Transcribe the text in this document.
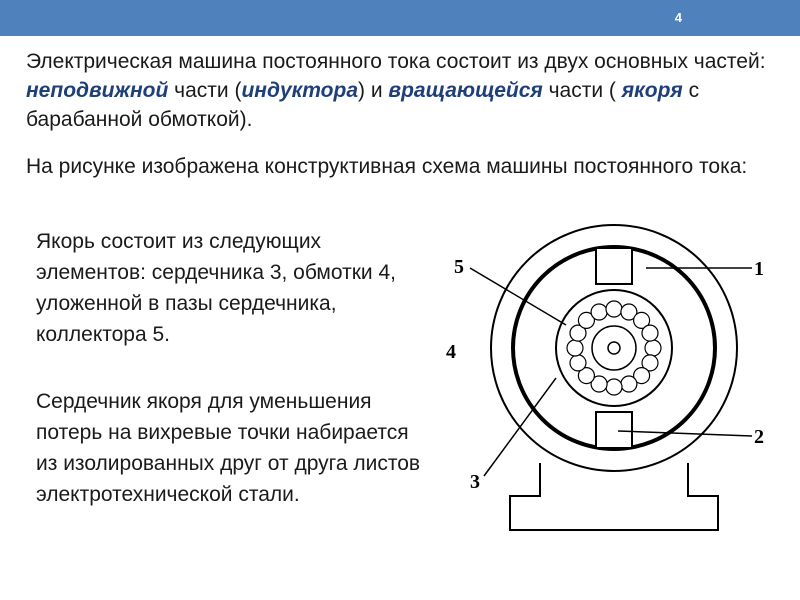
4
Электрическая машина постоянного тока состоит из двух основных частей: неподвижной части (индуктора) и вращающейся части ( якоря с барабанной обмоткой).
На рисунке изображена конструктивная схема машины постоянного тока:
Якорь состоит из следующих элементов: сердечника 3, обмотки 4, уложенной в пазы сердечника, коллектора 5.
Сердечник якоря для уменьшения потерь на вихревые точки набирается из изолированных друг от друга листов электротехнической стали.
1
2
3
4
5
